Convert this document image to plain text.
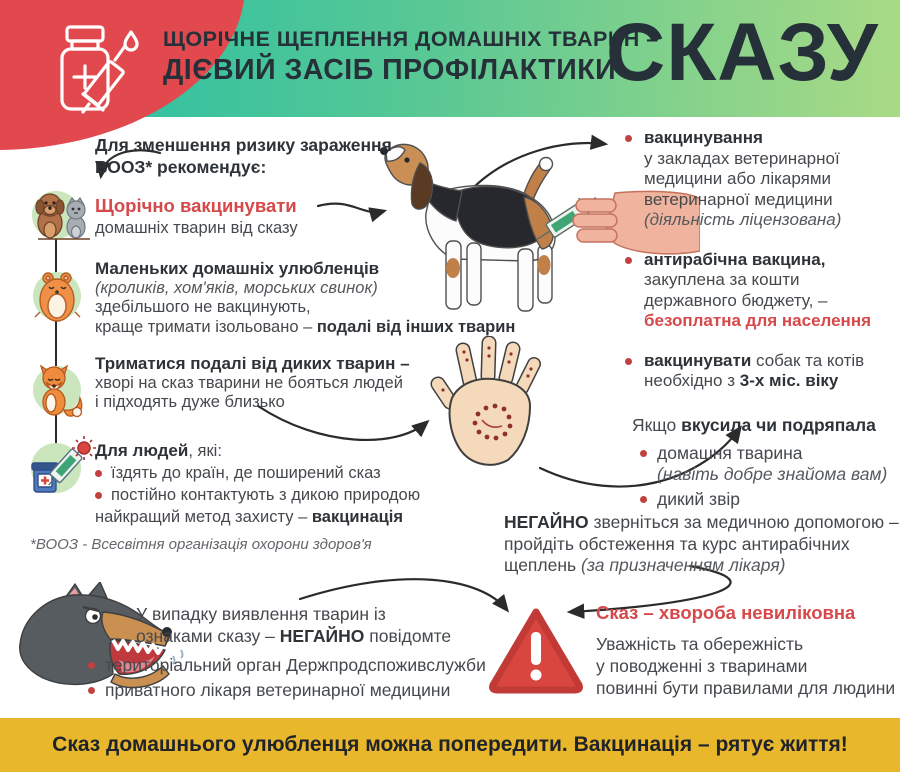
ЩОРІЧНЕ ЩЕПЛЕННЯ ДОМАШНІХ ТВАРИН –
ДІЄВИЙ ЗАСІБ ПРОФІЛАКТИКИ
СКАЗУ
Для зменшення ризику зараження
ВООЗ* рекомендує:
Щорічно вакцинувати
домашніх тварин від сказу
Маленьких домашніх улюбленців
(кроликів, хом'яків, морських свинок)
здебільшого не вакцинують,
краще тримати ізольовано – подалі від інших тварин
Триматися подалі від диких тварин –
хворі на сказ тварини не бояться людей
і підходять дуже близько
Для людей, які:
їздять до країн, де поширений сказ
постійно контактують з дикою природою
найкращий метод захисту – вакцинація
*ВООЗ - Всесвітня організація охорони здоров'я
вакцинування
у закладах ветеринарної
медицини або лікарями
ветеринарної медицини
(діяльність ліцензована)
антирабічна вакцина,
закуплена за кошти
державного бюджету, –
безоплатна для населення
вакцинувати собак та котів
необхідно з 3-х міс. віку
Якщо вкусила чи подряпала
домашня тварина
(навіть добре знайома вам)
дикий звір
НЕГАЙНО зверніться за медичною допомогою –
пройдіть обстеження та курс антирабічних
щеплень (за призначенням лікаря)
У випадку виявлення тварин із
ознаками сказу – НЕГАЙНО повідомте
територіальний орган Держпродспоживслужби
приватного лікаря ветеринарної медицини
Сказ – хвороба невиліковна
Уважність та обережність
у поводженні з тваринами
повинні бути правилами для людини
Сказ домашнього улюбленця можна попередити. Вакцинація – рятує життя!
